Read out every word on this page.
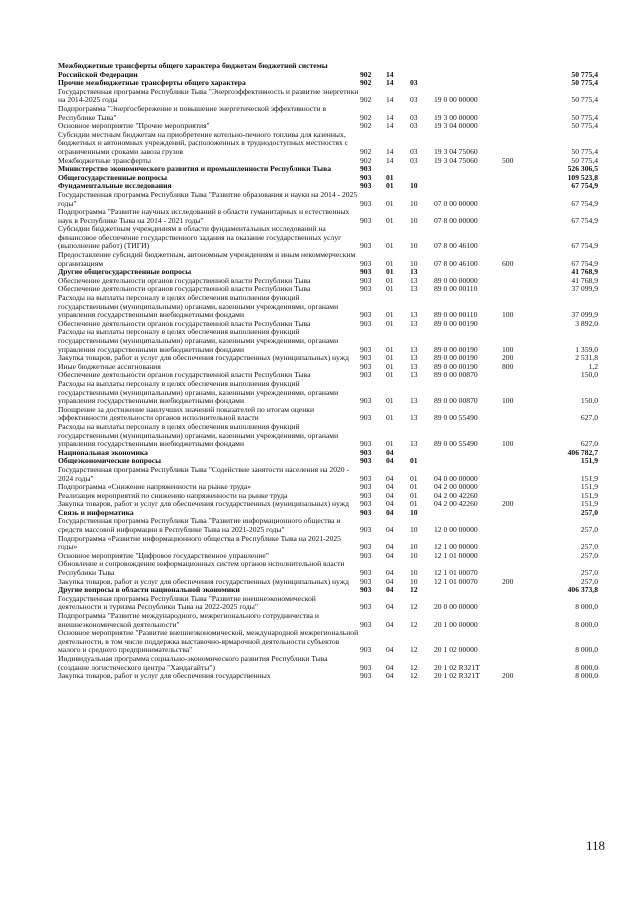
Межбюджетные трансферты общего характера бюджетам бюджетной системы Российской Федерации	902	14				50 775,4
Прочие межбюджетные трансферты общего характера	902	14	03			50 775,4
Государственная программа Республики Тыва "Энергоэффективность и развитие энергетики на 2014-2025 годы	902	14	03	19 0 00 00000		50 775,4
Подпрограмма "Энергосбережение и повышение энергетической эффективности в Республике Тыва"	902	14	03	19 3 00 00000		50 775,4
Основное мероприятие "Прочие мероприятия"	902	14	03	19 3 04 00000		50 775,4
Субсидии местным бюджетам на приобретение котельно-печного топлива для казенных, бюджетных и автономных учреждений, расположенных в труднодоступных местностях с ограниченными сроками завоза грузов	902	14	03	19 3 04 75060		50 775,4
Межбюджетные трансферты	902	14	03	19 3 04 75060	500	50 775,4
Министерство экономического развития и промышленности Республики Тыва	903					526 306,5
Общегосударственные вопросы	903	01				109 523,8
Фундаментальные исследования	903	01	10			67 754,9
Государственная программа Республики Тыва "Развитие образования и науки на 2014 - 2025 годы"	903	01	10	07 0 00 00000		67 754,9
Подпрограмма "Развитие научных исследований в области гуманитарных и естественных наук в Республике Тыва на 2014 - 2021 годы"	903	01	10	07 8 00 00000		67 754,9
Субсидии бюджетным учреждениям в области фундаментальных исследований на финансовое обеспечение государственного задания на оказание государственных услуг (выполнение работ) (ТИГИ)	903	01	10	07 8 00 46100		67 754,9
Предоставление субсидий бюджетным, автономным учреждениям и иным некоммерческим организациям	903	01	10	07 8 00 46100	600	67 754,9
Другие общегосударственные вопросы	903	01	13			41 768,9
Обеспечение деятельности органов государственной власти Республики Тыва	903	01	13	89 0 00 00000		41 768,9
Обеспечение деятельности органов государственной власти Республики Тыва	903	01	13	89 0 00 00110		37 099,9
Расходы на выплаты персоналу в целях обеспечения выполнения функций государственными (муниципальными) органами, казенными учреждениями, органами управления государственными внебюджетными фондами	903	01	13	89 0 00 00110	100	37 099,9
Обеспечение деятельности органов государственной власти Республики Тыва	903	01	13	89 0 00 00190		3 892,0
Расходы на выплаты персоналу в целях обеспечения выполнения функций государственными (муниципальными) органами, казенными учреждениями, органами управления государственными внебюджетными фондами	903	01	13	89 0 00 00190	100	1 359,0
Закупка товаров, работ и услуг для обеспечения государственных (муниципальных) нужд	903	01	13	89 0 00 00190	200	2 531,8
Иные бюджетные ассигнования	903	01	13	89 0 00 00190	800	1,2
Обеспечение деятельности органов государственной власти Республики Тыва	903	01	13	89 0 00 00870		150,0
Расходы на выплаты персоналу в целях обеспечения выполнения функций государственными (муниципальными) органами, казенными учреждениями, органами управления государственными внебюджетными фондами	903	01	13	89 0 00 00870	100	150,0
Поощрение за достижение наилучших значений показателей по итогам оценки эффективности деятельности органов исполнительной власти	903	01	13	89 0 00 55490		627,0
Расходы на выплаты персоналу в целях обеспечения выполнения функций государственными (муниципальными) органами, казенными учреждениями, органами управления государственными внебюджетными фондами	903	01	13	89 0 00 55490	100	627,0
Национальная экономика	903	04				406 782,7
Общеэкономические вопросы	903	04	01			151,9
Государственная программа Республики Тыва "Содействие занятости населения на 2020 - 2024 годы"	903	04	01	04 0 00 00000		151,9
Подпрограмма «Снижение напряженности на рынке труда»	903	04	01	04 2 00 00000		151,9
Реализация мероприятий по снижению напряженности на рынке труда	903	04	01	04 2 00 42260		151,9
Закупка товаров, работ и услуг для обеспечения государственных (муниципальных) нужд	903	04	01	04 2 00 42260	200	151,9
Связь и информатика	903	04	10			257,0
Государственная программа Республики Тыва "Развитие информационного общества и средств массовой информации в Республике Тыва на 2021-2025 годы"	903	04	10	12 0 00 00000		257,0
Подпрограмма «Развитие информационного общества в Республике Тыва на 2021-2025 годы»	903	04	10	12 1 00 00000		257,0
Основное мероприятие "Цифровое государственное управление"	903	04	10	12 1 01 00000		257,0
Обновление и сопровождение информационных систем органов исполнительной власти Республики Тыва	903	04	10	12 1 01 00070		257,0
Закупка товаров, работ и услуг для обеспечения государственных (муниципальных) нужд	903	04	10	12 1 01 00070	200	257,0
Другие вопросы в области национальной экономики	903	04	12			406 373,8
Государственная программа Республики Тыва "Развитие внешнеэкономической деятельности и туризма Республики Тыва на 2022-2025 годы"	903	04	12	20 0 00 00000		8 000,0
Подпрограмма "Развитие международного, межрегионального сотрудничества и внешнеэкономической деятельности"	903	04	12	20 1 00 00000		8 000,0
Основное мероприятие "Развитие внешнеэкономической, международной межрегиональной деятельности, в том числе поддержка выставочно-ярмарочной деятельности субъектов малого и среднего предпринимательства"	903	04	12	20 1 02 00000		8 000,0
Индивидуальная программа социально-экономического развития Республики Тыва (создание логистического центра "Хандагайты")	903	04	12	20 1 02 R321T		8 000,0
Закупка товаров, работ и услуг для обеспечения государственных	903	04	12	20 1 02 R321T	200	8 000,0
118
